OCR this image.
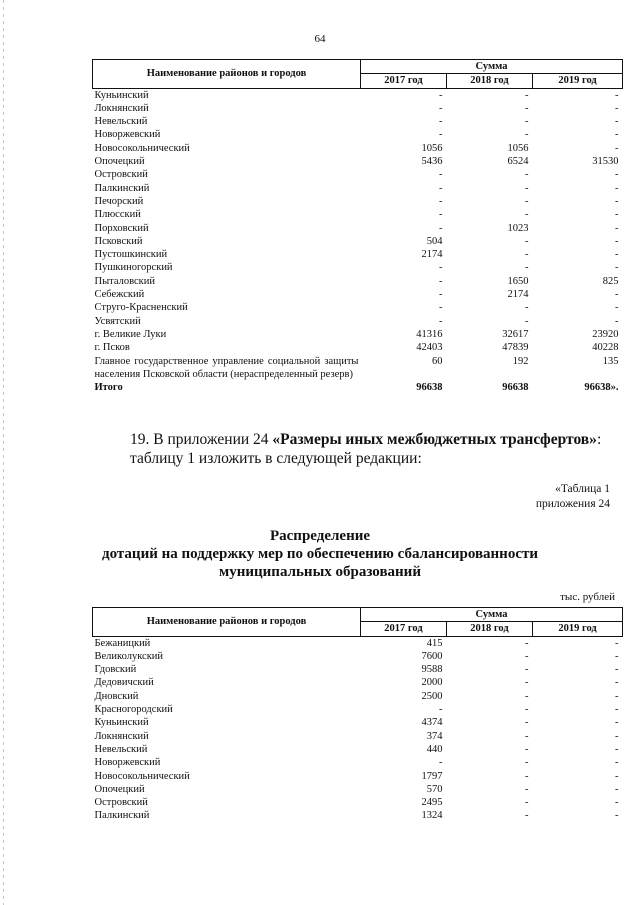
64
Наименование районов и городов	Сумма		
	2017 год	2018 год	2019 год
Куньинский	-	-	-
Локнянский	-	-	-
Невельский	-	-	-
Новоржевский	-	-	-
Новосокольнический	1056	1056	-
Опочецкий	5436	6524	31530
Островский	-	-	-
Палкинский	-	-	-
Печорский	-	-	-
Плюсский	-	-	-
Порховский	-	1023	-
Псковский	504	-	-
Пустошкинский	2174	-	-
Пушкиногорский	-	-	-
Пыталовский	-	1650	825
Себежский	-	2174	-
Струго-Красненский	-	-	-
Усвятский	-	-	-
г. Великие Луки	41316	32617	23920
г. Псков	42403	47839	40228
Главное государственное управление социальной защиты населения Псковской области (нераспределенный резерв)	60	192	135
Итого	96638	96638	96638».
19. В приложении 24 «Размеры иных межбюджетных трансфертов»: таблицу 1 изложить в следующей редакции:
«Таблица 1
приложения 24
Распределение
дотаций на поддержку мер по обеспечению сбалансированности
муниципальных образований
тыс. рублей
Наименование районов и городов	Сумма		
	2017 год	2018 год	2019 год
Бежаницкий	415	-	-
Великолукский	7600	-	-
Гдовский	9588	-	-
Дедовичский	2000	-	-
Дновский	2500	-	-
Красногородский	-	-	-
Куньинский	4374	-	-
Локнянский	374	-	-
Невельский	440	-	-
Новоржевский	-	-	-
Новосокольнический	1797	-	-
Опочецкий	570	-	-
Островский	2495	-	-
Палкинский	1324	-	-
